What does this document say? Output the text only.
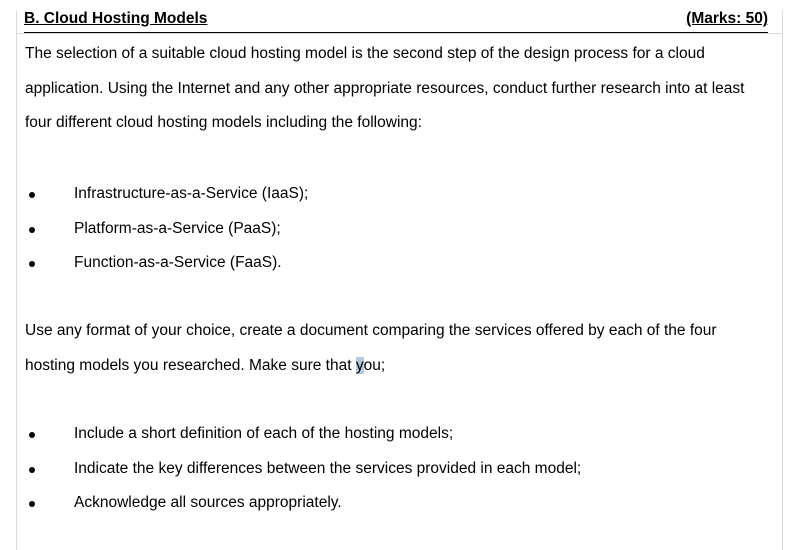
B. Cloud Hosting Models	(Marks: 50)
The selection of a suitable cloud hosting model is the second step of the design process for a cloud application. Using the Internet and any other appropriate resources, conduct further research into at least four different cloud hosting models including the following:
Infrastructure-as-a-Service (IaaS);
Platform-as-a-Service (PaaS);
Function-as-a-Service (FaaS).
Use any format of your choice, create a document comparing the services offered by each of the four hosting models you researched. Make sure that you;
Include a short definition of each of the hosting models;
Indicate the key differences between the services provided in each model;
Acknowledge all sources appropriately.
